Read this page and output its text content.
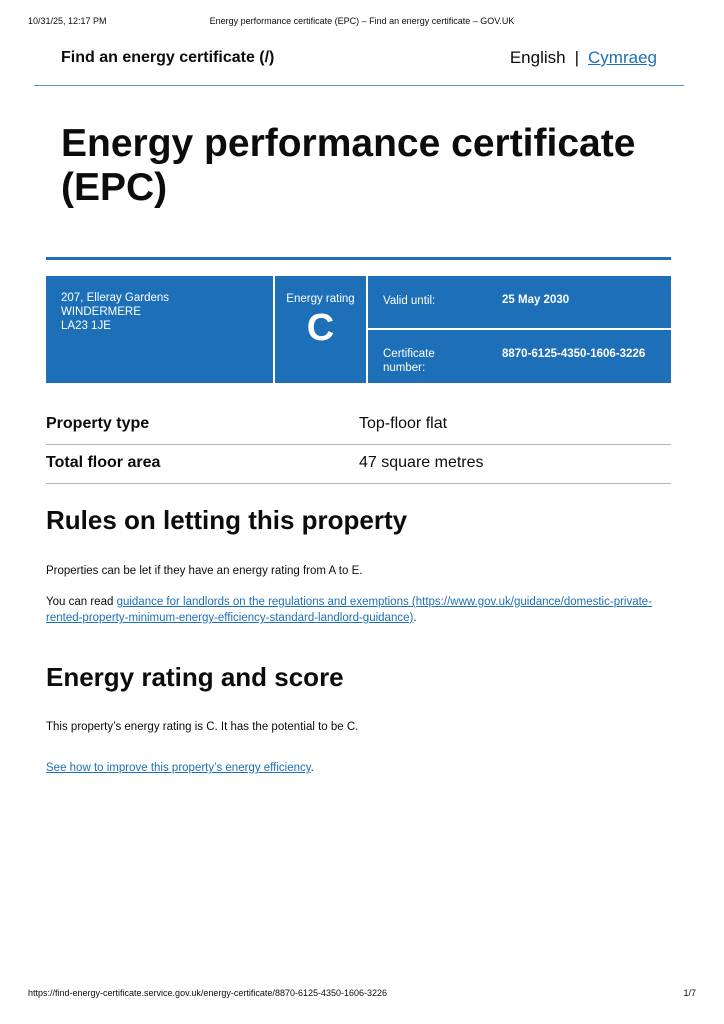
10/31/25, 12:17 PM	Energy performance certificate (EPC) – Find an energy certificate – GOV.UK
Find an energy certificate (/)	English | Cymraeg
Energy performance certificate (EPC)
207, Elleray Gardens
WINDERMERE
LA23 1JE
Energy rating
C
Valid until:	25 May 2030
Certificate number:
8870-6125-4350-1606-3226
Property type	Top-floor flat
Total floor area	47 square metres
Rules on letting this property

Properties can be let if they have an energy rating from A to E.

You can read guidance for landlords on the regulations and exemptions (https://www.gov.uk/guidance/domestic-private-rented-property-minimum-energy-efficiency-standard-landlord-guidance).

Energy rating and score

This property’s energy rating is C. It has the potential to be C.

See how to improve this property’s energy efficiency.

https://find-energy-certificate.service.gov.uk/energy-certificate/8870-6125-4350-1606-3226	1/7
